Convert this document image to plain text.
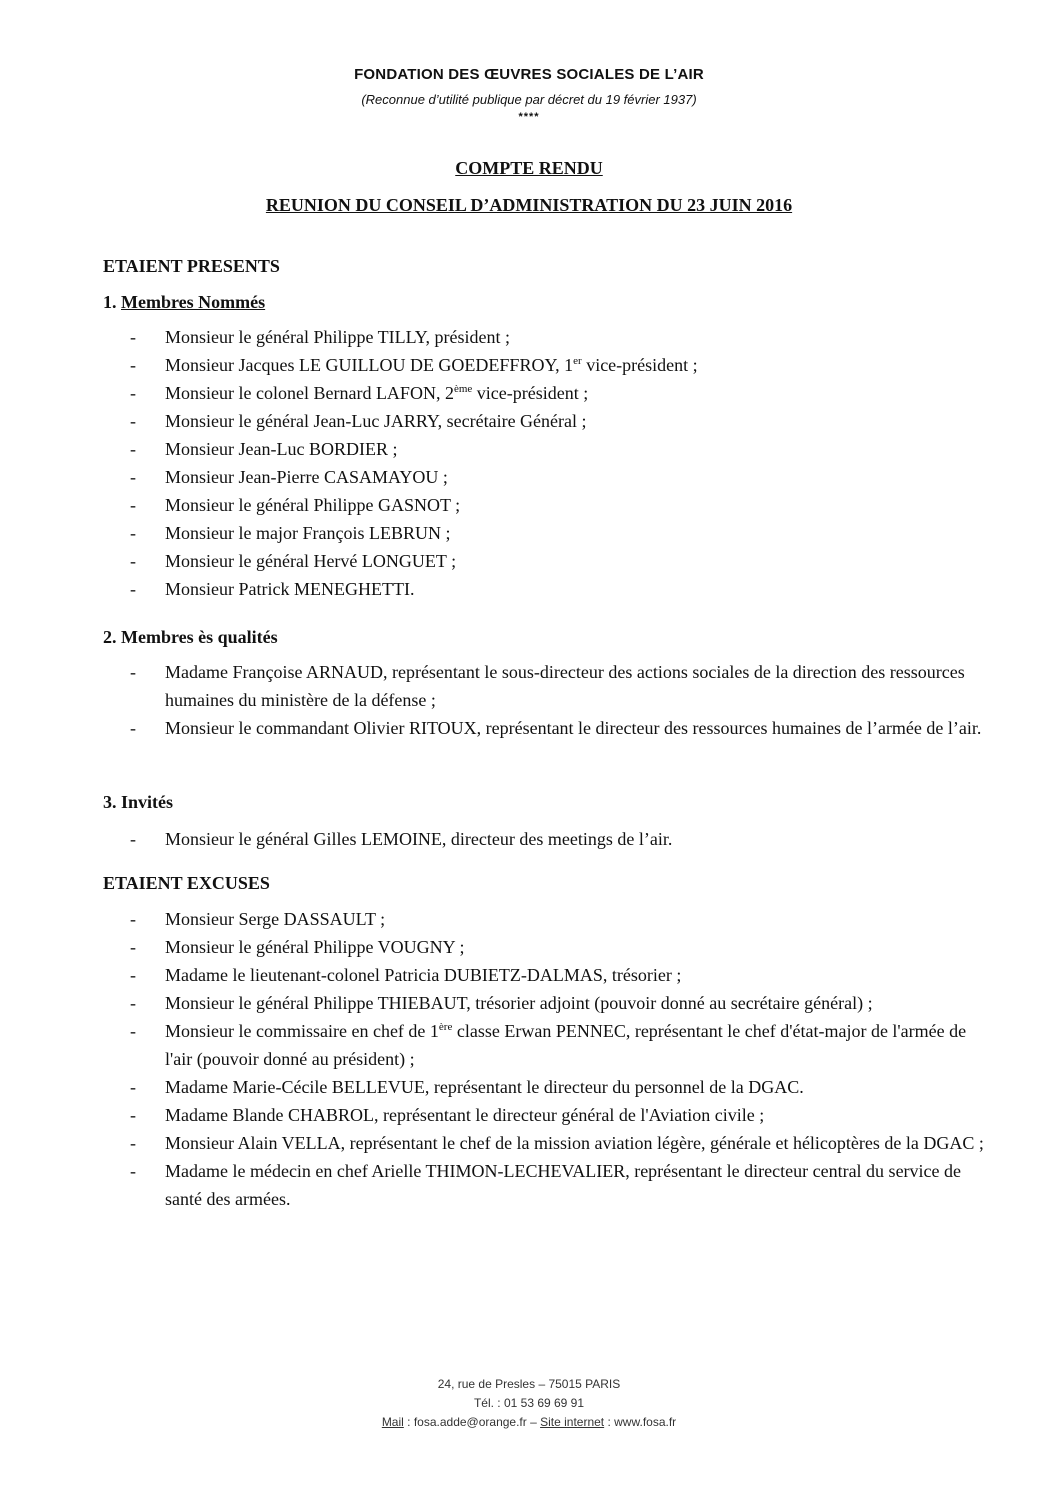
FONDATION DES ŒUVRES SOCIALES DE L’AIR
(Reconnue d’utilité publique par décret du 19 février 1937)
****
COMPTE RENDU
REUNION DU CONSEIL D’ADMINISTRATION DU 23 JUIN 2016
ETAIENT PRESENTS
1. Membres Nommés
- Monsieur le général Philippe TILLY, président ;
- Monsieur Jacques LE GUILLOU DE GOEDEFFROY, 1er vice-président ;
- Monsieur le colonel Bernard LAFON, 2ème vice-président ;
- Monsieur le général Jean-Luc JARRY, secrétaire Général ;
- Monsieur Jean-Luc BORDIER ;
- Monsieur Jean-Pierre CASAMAYOU ;
- Monsieur le général Philippe GASNOT ;
- Monsieur le major François LEBRUN ;
- Monsieur le général Hervé LONGUET ;
- Monsieur Patrick MENEGHETTI.
2. Membres ès qualités
- Madame Françoise ARNAUD, représentant le sous-directeur des actions sociales de la direction des ressources humaines du ministère de la défense ;
- Monsieur le commandant Olivier RITOUX, représentant le directeur des ressources humaines de l’armée de l’air.
3. Invités
- Monsieur le général Gilles LEMOINE, directeur des meetings de l’air.
ETAIENT EXCUSES
- Monsieur Serge DASSAULT ;
- Monsieur le général Philippe VOUGNY ;
- Madame le lieutenant-colonel Patricia DUBIETZ-DALMAS, trésorier ;
- Monsieur le général Philippe THIEBAUT, trésorier adjoint (pouvoir donné au secrétaire général) ;
- Monsieur le commissaire en chef de 1ère classe Erwan PENNEC, représentant le chef d'état-major de l'armée de l'air (pouvoir donné au président) ;
- Madame Marie-Cécile BELLEVUE, représentant le directeur du personnel de la DGAC.
- Madame Blande CHABROL, représentant le directeur général de l'Aviation civile ;
- Monsieur Alain VELLA, représentant le chef de la mission aviation légère, générale et hélicoptères de la DGAC ;
- Madame le médecin en chef Arielle THIMON-LECHEVALIER, représentant le directeur central du service de santé des armées.
24, rue de Presles – 75015 PARIS
Tél. : 01 53 69 69 91
Mail : fosa.adde@orange.fr – Site internet : www.fosa.fr
